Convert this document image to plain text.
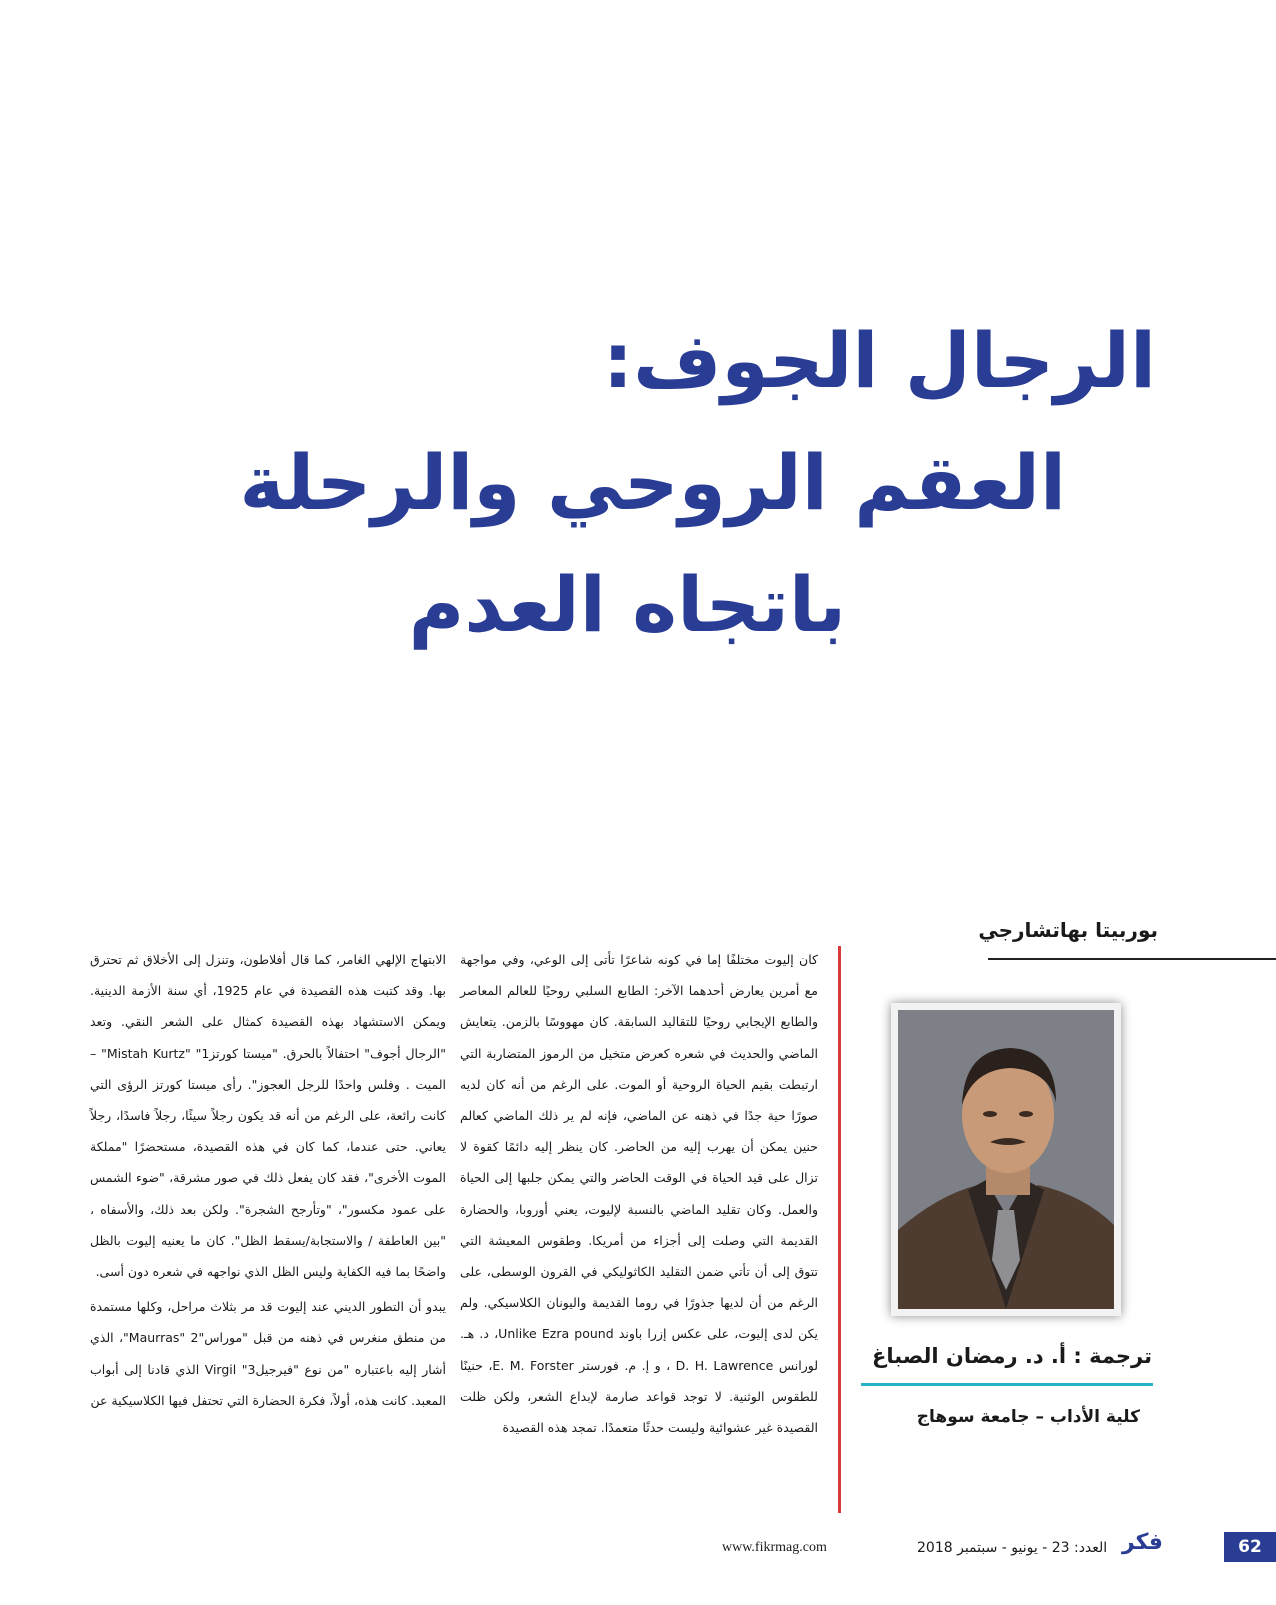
الرجال الجوف:
العقم الروحي والرحلة
باتجاه العدم
بوربيتا بهاتشارجي
ترجمة : أ. د. رمضان الصباغ
كلية الأداب – جامعة سوهاج

كان إليوت مختلفًا إما في كونه شاعرًا تأتى إلى الوعي، وفي مواجهة مع أمرين يعارض أحدهما الآخر: الطابع السلبي روحيًا للعالم المعاصر والطابع الإيجابي روحيًا للتقاليد السابقة. كان مهووسًا بالزمن. يتعايش الماضي والحديث في شعره كعرض متخيل من الرموز المتضاربة التي ارتبطت بقيم الحياة الروحية أو الموت. على الرغم من أنه كان لديه صورًا حية جدًا في ذهنه عن الماضي، فإنه لم ير ذلك الماضي كعالم حنين يمكن أن يهرب إليه من الحاضر. كان ينظر إليه دائمًا كقوة لا تزال على قيد الحياة في الوقت الحاضر والتي يمكن جلبها إلى الحياة والعمل. وكان تقليد الماضي بالنسبة لإليوت، يعني أوروبا، والحضارة القديمة التي وصلت إلى أجزاء من أمريكا. وطقوس المعيشة التي تتوق إلى أن تأتي ضمن التقليد الكاثوليكي في القرون الوسطى، على الرغم من أن لديها جذورًا في روما القديمة واليونان الكلاسيكي. ولم يكن لدى إليوت، على عكس إزرا باوند Unlike Ezra pound، د. هـ. لورانس D. H. Lawrence ، و إ. م. فورستر E. M. Forster، حنينًا للطقوس الوثنية. لا توجد قواعد صارمة لإبداع الشعر، ولكن ظلت القصيدة غير عشوائية وليست حدثًا متعمدًا. تمجد هذه القصيدة

الابتهاج الإلهي الغامر، كما قال أفلاطون، وتنزل إلى الأخلاق ثم تحترق بها. وقد كتبت هذه القصيدة في عام 1925، أي سنة الأزمة الدينية. ويمكن الاستشهاد بهذه القصيدة كمثال على الشعر النقي. وتعد "الرجال أجوف" احتفالاً بالحرق. "ميستا كورتز1" "Mistah Kurtz" – الميت . وفلس واحدًا للرجل العجوز". رأى ميستا كورتز الرؤى التي كانت رائعة، على الرغم من أنه قد يكون رجلاً سيئًا، رجلاً فاسدًا، رجلاً يعاني. حتى عندما، كما كان في هذه القصيدة، مستحضرًا "مملكة الموت الأخرى"، فقد كان يفعل ذلك في صور مشرقة، "ضوء الشمس على عمود مكسور"، "وتأرجح الشجرة". ولكن بعد ذلك، والأسفاه ، "بين العاطفة / والاستجابة/يسقط الظل". كان ما يعنيه إليوت بالظل واضحًا بما فيه الكفاية وليس الظل الذي نواجهه في شعره دون أسى.

يبدو أن التطور الديني عند إليوت قد مر بثلاث مراحل، وكلها مستمدة من منطق منغرس في ذهنه من قبل "موراس"2 "Maurras"، الذي أشار إليه باعتباره "من نوع "فيرجيل3" Virgil الذي قادنا إلى أبواب المعبد. كانت هذه، أولاً، فكرة الحضارة التي تحتفل فيها الكلاسيكية عن

www.fikrmag.com	العدد: 23 - يونيو - سبتمبر 2018 فكر	62
